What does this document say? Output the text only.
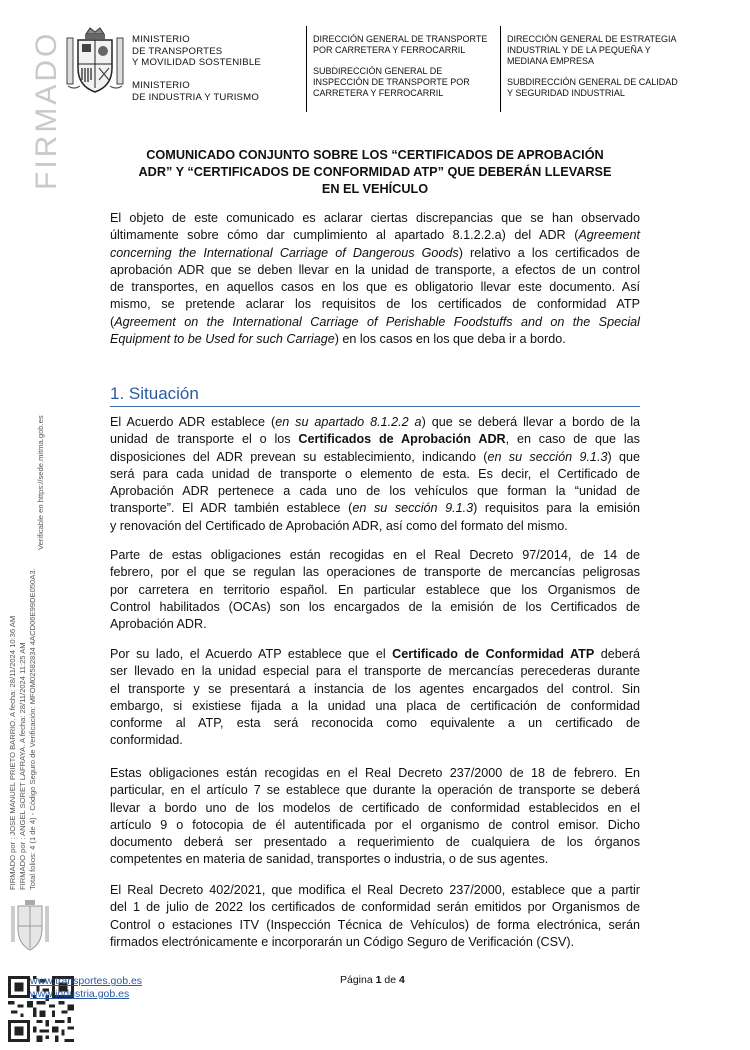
MINISTERIO
DE TRANSPORTES
Y MOVILIDAD SOSTENIBLE
MINISTERIO
DE INDUSTRIA Y TURISMO
DIRECCIÓN GENERAL DE TRANSPORTE
POR CARRETERA Y FERROCARRIL
SUBDIRECCIÓN GENERAL DE
INSPECCIÓN DE TRANSPORTE POR
CARRETERA Y FERROCARRIL
DIRECCIÓN GENERAL DE ESTRATEGIA
INDUSTRIAL Y DE LA PEQUEÑA Y
MEDIANA EMPRESA
SUBDIRECCIÓN GENERAL DE CALIDAD
Y SEGURIDAD INDUSTRIAL
FIRMADO
Verificable en https://sede.mitma.gob.es
FIRMADO por : JOSE MANUEL PRIETO BARRIO. A fecha: 28/11/2024 10:36 AM FIRMADO por : ANGEL SORET LAFRAYA. A fecha: 28/11/2024 11:25 AM Total folios: 4 (1 de 4) - Código Seguro de Verificación: MFOM02582834 4ACD06E99DE050A3.
COMUNICADO CONJUNTO SOBRE LOS “CERTIFICADOS DE APROBACIÓN
ADR” Y “CERTIFICADOS DE CONFORMIDAD ATP” QUE DEBERÁN LLEVARSE
EN EL VEHÍCULO
El objeto de este comunicado es aclarar ciertas discrepancias que se han observado
últimamente sobre cómo dar cumplimiento al apartado 8.1.2.2.a) del ADR (Agreement
concerning the International Carriage of Dangerous Goods) relativo a los certificados de
aprobación ADR que se deben llevar en la unidad de transporte, a efectos de un control
de transportes, en aquellos casos en los que es obligatorio llevar este documento. Así
mismo, se pretende aclarar los requisitos de los certificados de conformidad ATP
(Agreement on the International Carriage of Perishable Foodstuffs and on the Special
Equipment to be Used for such Carriage) en los casos en los que deba ir a bordo.
1. Situación
El Acuerdo ADR establece (en su apartado 8.1.2.2 a) que se deberá llevar a bordo de la
unidad de transporte el o los Certificados de Aprobación ADR, en caso de que las
disposiciones del ADR prevean su establecimiento, indicando (en su sección 9.1.3) que
será para cada unidad de transporte o elemento de esta. Es decir, el Certificado de
Aprobación ADR pertenece a cada uno de los vehículos que forman la “unidad de
transporte”. El ADR también establece (en su sección 9.1.3) requisitos para la emisión
y renovación del Certificado de Aprobación ADR, así como del formato del mismo.
Parte de estas obligaciones están recogidas en el Real Decreto 97/2014, de 14 de
febrero, por el que se regulan las operaciones de transporte de mercancías peligrosas
por carretera en territorio español. En particular establece que los Organismos de
Control habilitados (OCAs) son los encargados de la emisión de los Certificados de
Aprobación ADR.
Por su lado, el Acuerdo ATP establece que el Certificado de Conformidad ATP deberá
ser llevado en la unidad especial para el transporte de mercancías perecederas durante
el transporte y se presentará a instancia de los agentes encargados del control. Sin
embargo, si existiese fijada a la unidad una placa de certificación de conformidad
conforme al ATP, esta será reconocida como equivalente a un certificado de
conformidad.
Estas obligaciones están recogidas en el Real Decreto 237/2000 de 18 de febrero. En
particular, en el artículo 7 se establece que durante la operación de transporte se deberá
llevar a bordo uno de los modelos de certificado de conformidad establecidos en el
artículo 9 o fotocopia de él autentificada por el organismo de control emisor. Dicho
documento deberá ser presentado a requerimiento de cualquiera de los órganos
competentes en materia de sanidad, transportes o industria, o de sus agentes.
El Real Decreto 402/2021, que modifica el Real Decreto 237/2000, establece que a partir
del 1 de julio de 2022 los certificados de conformidad serán emitidos por Organismos de
Control o estaciones ITV (Inspección Técnica de Vehículos) de forma electrónica, serán
firmados electrónicamente e incorporarán un Código Seguro de Verificación (CSV).
www.transportes.gob.es
www.industria.gob.es
Página 1 de 4
